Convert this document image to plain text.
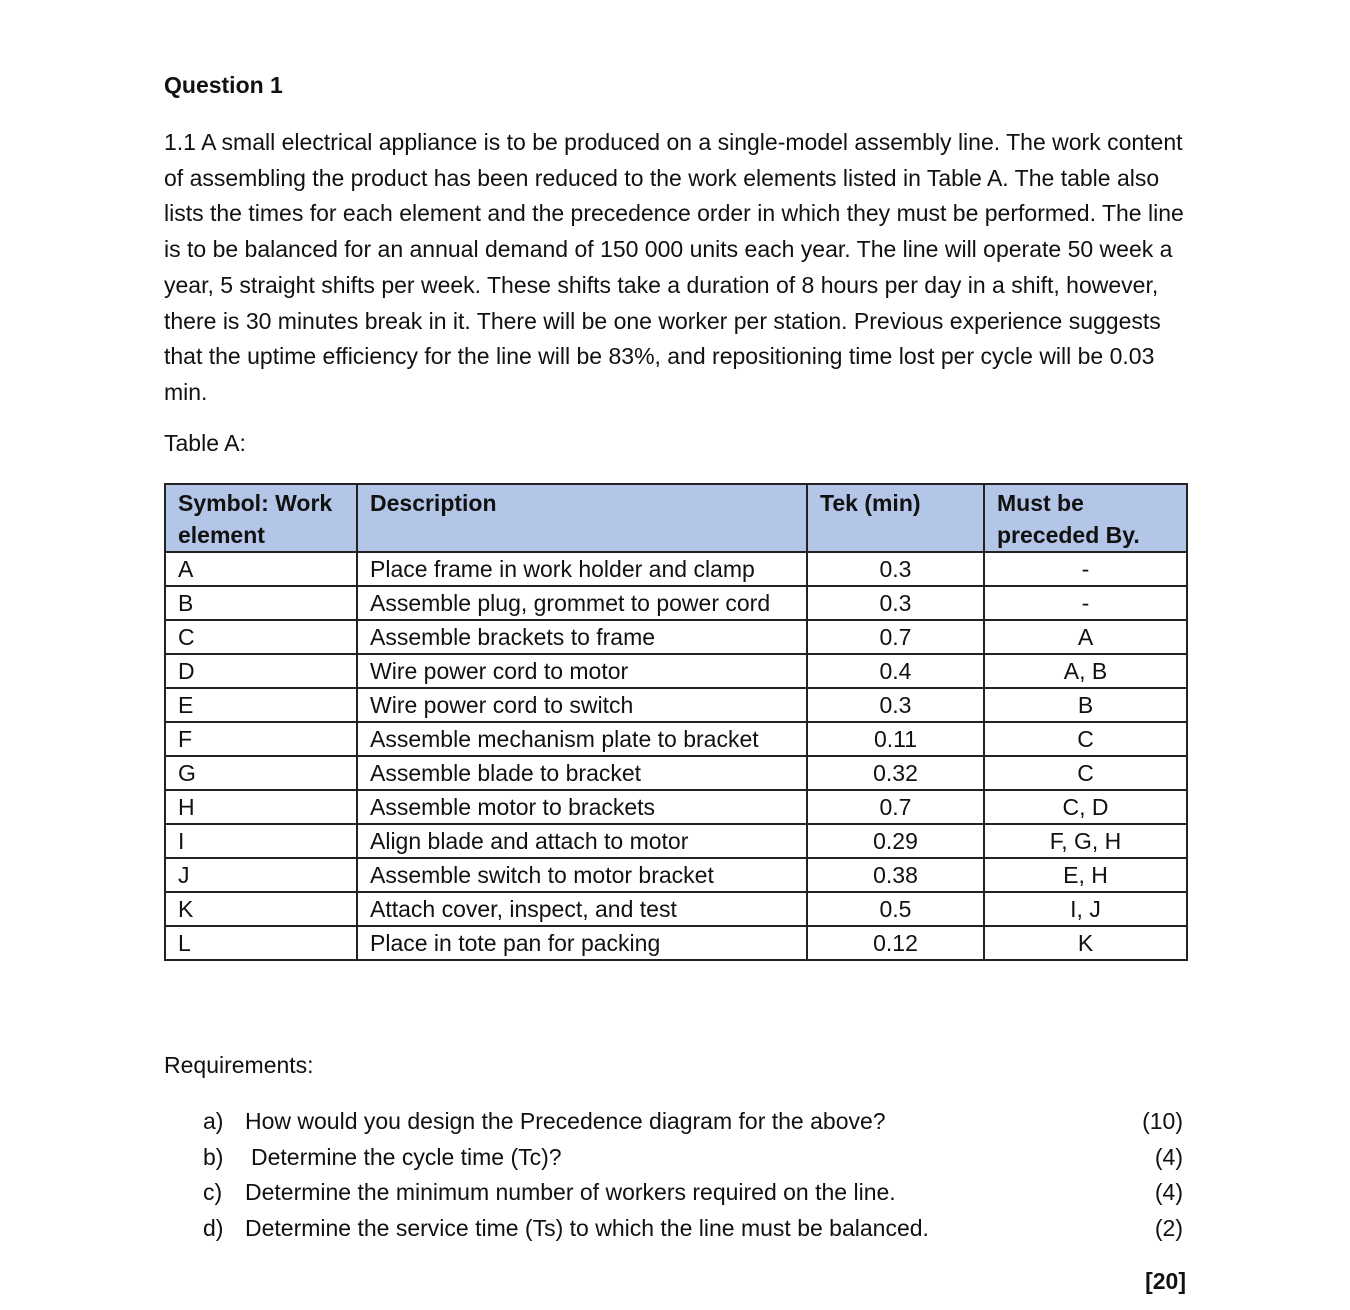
Question 1
1.1 A small electrical appliance is to be produced on a single-model assembly line. The work content of assembling the product has been reduced to the work elements listed in Table A. The table also lists the times for each element and the precedence order in which they must be performed. The line is to be balanced for an annual demand of 150 000 units each year. The line will operate 50 week a year, 5 straight shifts per week. These shifts take a duration of 8 hours per day in a shift, however, there is 30 minutes break in it. There will be one worker per station. Previous experience suggests that the uptime efficiency for the line will be 83%, and repositioning time lost per cycle will be 0.03 min.
Table A:
Symbol: Work element	Description	Tek (min)	Must be preceded By.
A	Place frame in work holder and clamp	0.3	-
B	Assemble plug, grommet to power cord	0.3	-
C	Assemble brackets to frame	0.7	A
D	Wire power cord to motor	0.4	A, B
E	Wire power cord to switch	0.3	B
F	Assemble mechanism plate to bracket	0.11	C
G	Assemble blade to bracket	0.32	C
H	Assemble motor to brackets	0.7	C, D
I	Align blade and attach to motor	0.29	F, G, H
J	Assemble switch to motor bracket	0.38	E, H
K	Attach cover, inspect, and test	0.5	I, J
L	Place in tote pan for packing	0.12	K
Requirements:
a) How would you design the Precedence diagram for the above?	(10)
b) Determine the cycle time (Tc)?	(4)
c) Determine the minimum number of workers required on the line.	(4)
d) Determine the service time (Ts) to which the line must be balanced.	(2)
[20]
